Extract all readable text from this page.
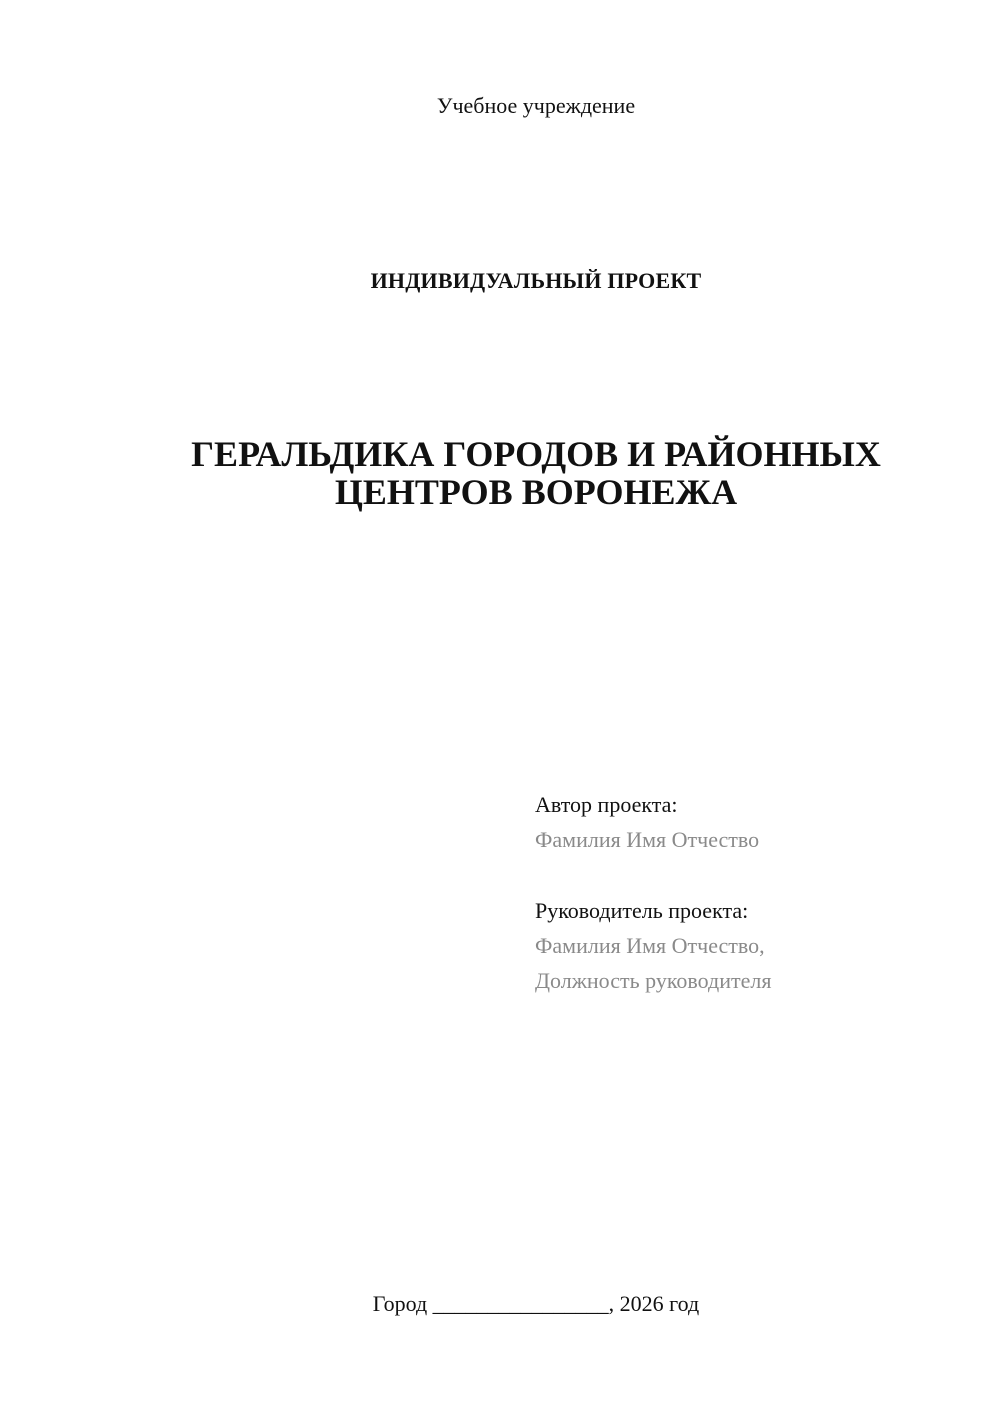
Учебное учреждение
ИНДИВИДУАЛЬНЫЙ ПРОЕКТ
ГЕРАЛЬДИКА ГОРОДОВ И РАЙОННЫХ
ЦЕНТРОВ ВОРОНЕЖА
Автор проекта:
Фамилия Имя Отчество
Руководитель проекта:
Фамилия Имя Отчество,
Должность руководителя
Город ________________, 2026 год
